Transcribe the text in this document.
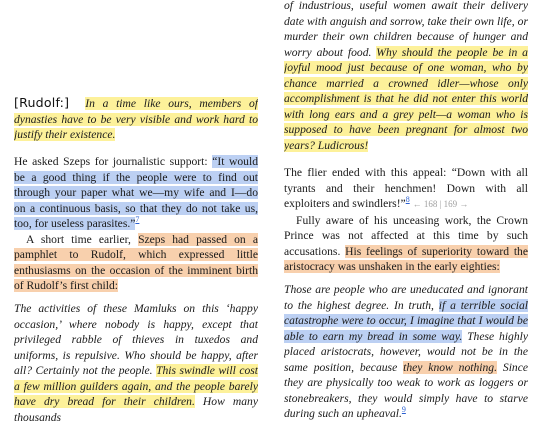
[Rudolf:] In a time like ours, members of dynasties have to be very visible and work hard to justify their existence.

He asked Szeps for journalistic support: “It would be a good thing if the people were to find out through your paper what we—my wife and I—do on a continuous basis, so that they do not take us, too, for useless parasites.”$^7$

A short time earlier, Szeps had passed on a pamphlet to Rudolf, which expressed little enthusiasms on the occasion of the imminent birth of Rudolf’s first child:

The activities of these Mamluks on this ‘happy occasion,’ where nobody is happy, except that privileged rabble of thieves in tuxedos and uniforms, is repulsive. Who should be happy, after all? Certainly not the people. This swindle will cost a few million guilders again, and the people barely have dry bread for their children. How many thousands

of industrious, useful women await their delivery date with anguish and sorrow, take their own life, or murder their own children because of hunger and worry about food. Why should the people be in a joyful mood just because of one woman, who by chance married a crowned idler—whose only accomplishment is that he did not enter this world with long ears and a grey pelt—a woman who is supposed to have been pregnant for almost two years? Ludicrous!

The flier ended with this appeal: “Down with all tyrants and their henchmen! Down with all exploiters and swindlers!”$^8$ ← 168 | 169 →

Fully aware of his unceasing work, the Crown Prince was not affected at this time by such accusations. His feelings of superiority toward the aristocracy was unshaken in the early eighties:

Those are people who are uneducated and ignorant to the highest degree. In truth, if a terrible social catastrophe were to occur, I imagine that I would be able to earn my bread in some way. These highly placed aristocrats, however, would not be in the same position, because they know nothing. Since they are physically too weak to work as loggers or stonebreakers, they would simply have to starve during such an upheaval.$^9$
